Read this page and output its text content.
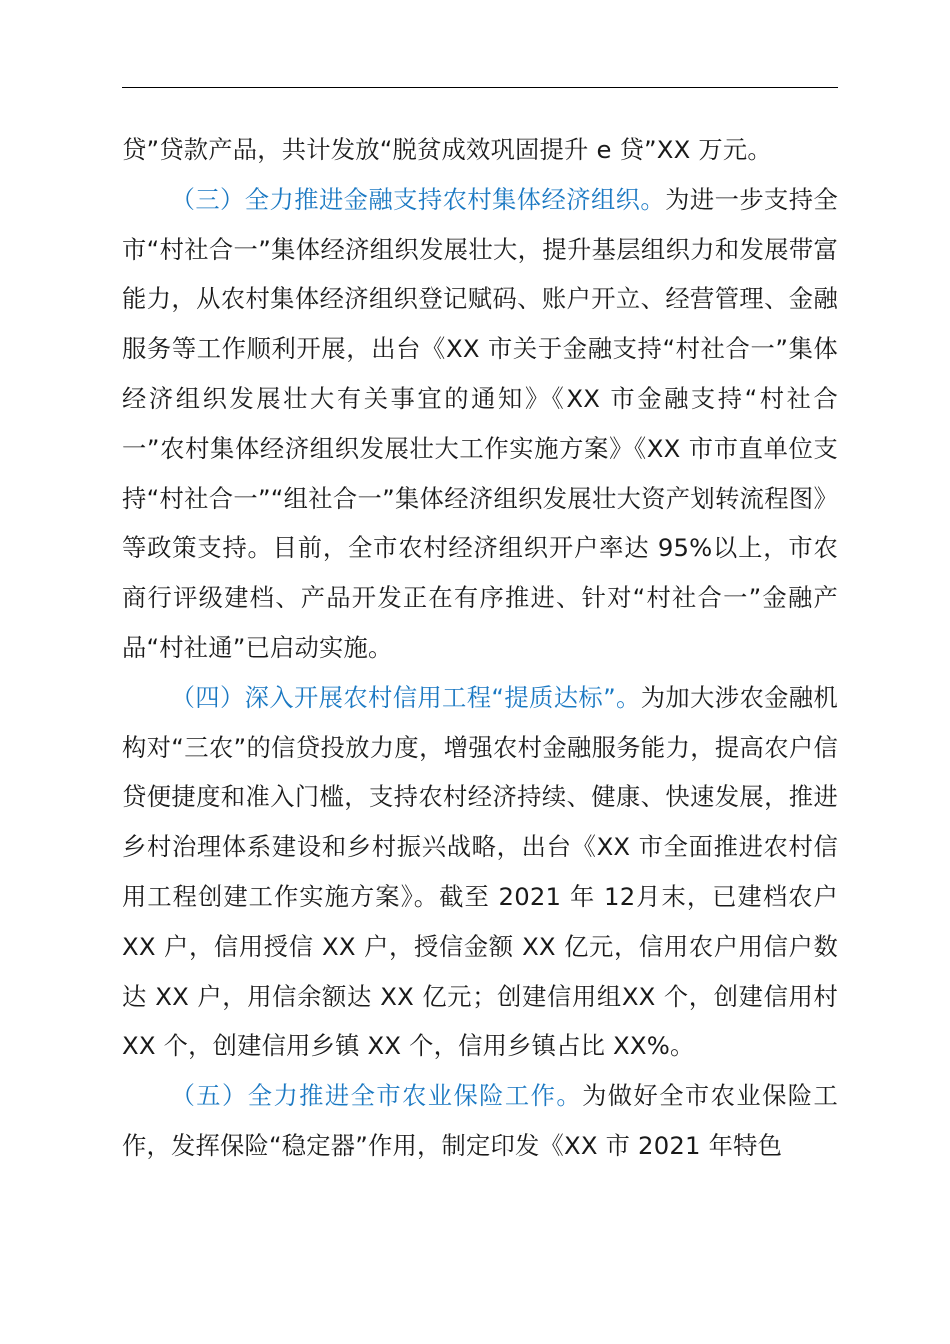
贷”贷款产品，共计发放“脱贫成效巩固提升 e 贷”XX 万元。

（三）全力推进金融支持农村集体经济组织。为进一步支持全市“村社合一”集体经济组织发展壮大，提升基层组织力和发展带富能力，从农村集体经济组织登记赋码、账户开立、经营管理、金融服务等工作顺利开展，出台《XX 市关于金融支持“村社合一”集体经济组织发展壮大有关事宜的通知》《XX 市金融支持“村社合一”农村集体经济组织发展壮大工作实施方案》《XX 市市直单位支持“村社合一”“组社合一”集体经济组织发展壮大资产划转流程图》等政策支持。目前，全市农村经济组织开户率达 95%以上，市农商行评级建档、产品开发正在有序推进、针对“村社合一”金融产品“村社通”已启动实施。

（四）深入开展农村信用工程“提质达标”。为加大涉农金融机构对“三农”的信贷投放力度，增强农村金融服务能力，提高农户信贷便捷度和准入门槛，支持农村经济持续、健康、快速发展，推进乡村治理体系建设和乡村振兴战略，出台《XX 市全面推进农村信用工程创建工作实施方案》。截至 2021 年 12月末，已建档农户 XX 户，信用授信 XX 户，授信金额 XX 亿元，信用农户用信户数达 XX 户，用信余额达 XX 亿元；创建信用组XX 个，创建信用村 XX 个，创建信用乡镇 XX 个，信用乡镇占比 XX%。

（五）全力推进全市农业保险工作。为做好全市农业保险工作，发挥保险“稳定器”作用，制定印发《XX 市 2021 年特色
